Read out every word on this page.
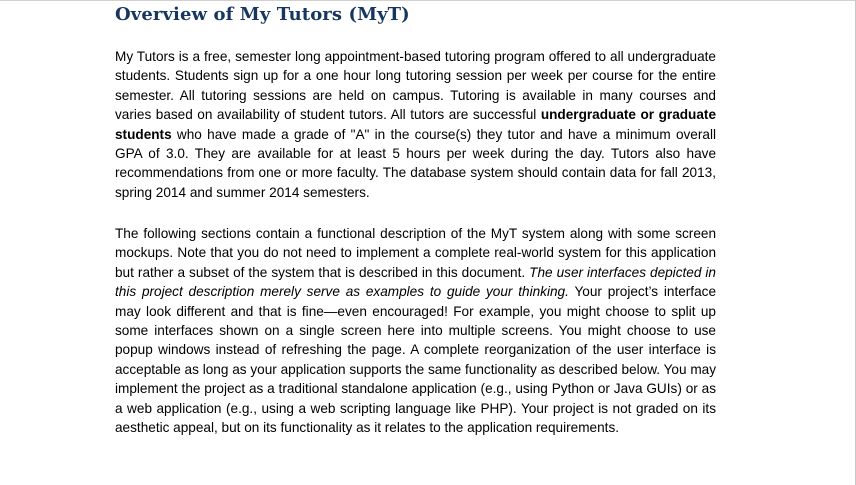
Overview of My Tutors (MyT)

My Tutors is a free, semester long appointment-based tutoring program offered to all undergraduate students. Students sign up for a one hour long tutoring session per week per course for the entire semester. All tutoring sessions are held on campus. Tutoring is available in many courses and varies based on availability of student tutors. All tutors are successful undergraduate or graduate students who have made a grade of "A" in the course(s) they tutor and have a minimum overall GPA of 3.0. They are available for at least 5 hours per week during the day. Tutors also have recommendations from one or more faculty. The database system should contain data for fall 2013, spring 2014 and summer 2014 semesters.

The following sections contain a functional description of the MyT system along with some screen mockups. Note that you do not need to implement a complete real-world system for this application but rather a subset of the system that is described in this document. The user interfaces depicted in this project description merely serve as examples to guide your thinking. Your project’s interface may look different and that is fine—even encouraged! For example, you might choose to split up some interfaces shown on a single screen here into multiple screens. You might choose to use popup windows instead of refreshing the page. A complete reorganization of the user interface is acceptable as long as your application supports the same functionality as described below. You may implement the project as a traditional standalone application (e.g., using Python or Java GUIs) or as a web application (e.g., using a web scripting language like PHP). Your project is not graded on its aesthetic appeal, but on its functionality as it relates to the application requirements.
